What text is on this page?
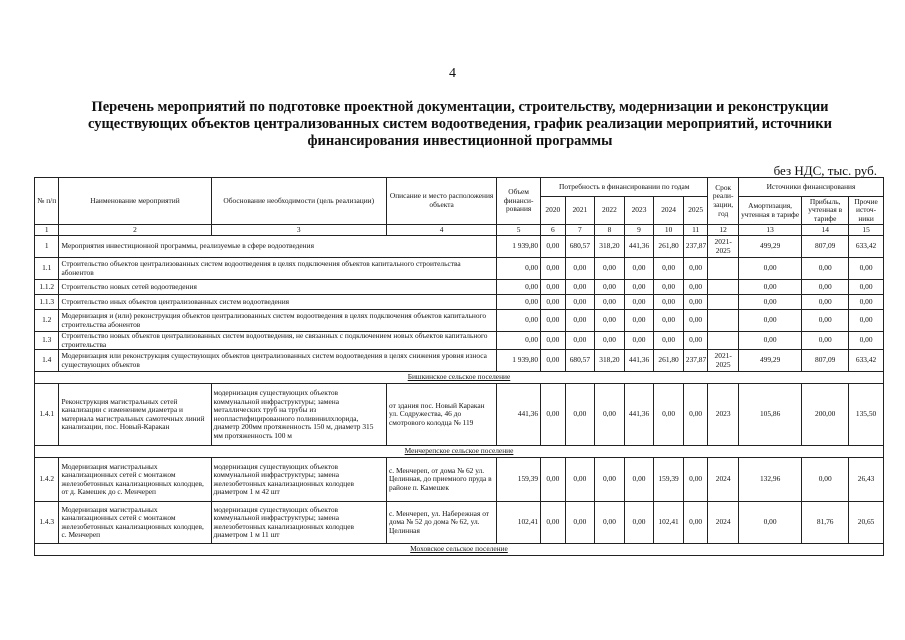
4
Перечень мероприятий по подготовке проектной документации, строительству, модернизации и реконструкции существующих объектов централизованных систем водоотведения, график реализации мероприятий, источники финансирования инвестиционной программы
без НДС, тыс. руб.
№ п/п	Наименование мероприятий	Обоснование необходимости (цель реализации)	Описание и место расположения объекта	Объем финанси-рования	Потребность в финансировании по годам						Срок реали-зации, год	Источники финансирования		
					2020	2021	2022	2023	2024	2025		Амортизация, учтенная в тарифе	Прибыль, учтенная в тарифе	Прочие источ-ники
1	2	3	4	5	6	7	8	9	10	11	12	13	14	15
1	Мероприятия инвестиционной программы, реализуемые в сфере водоотведения			1 939,80	0,00	680,57	318,20	441,36	261,80	237,87	2021-2025	499,29	807,09	633,42
1.1	Строительство объектов централизованных систем водоотведения в целях подключения объектов капитального строительства абонентов			0,00	0,00	0,00	0,00	0,00	0,00	0,00		0,00	0,00	0,00
1.1.2	Строительство новых сетей водоотведения			0,00	0,00	0,00	0,00	0,00	0,00	0,00		0,00	0,00	0,00
1.1.3	Строительство иных объектов централизованных систем водоотведения			0,00	0,00	0,00	0,00	0,00	0,00	0,00		0,00	0,00	0,00
1.2	Модернизация и (или) реконструкция объектов централизованных систем водоотведения в целях подключения объектов капитального строительства абонентов			0,00	0,00	0,00	0,00	0,00	0,00	0,00		0,00	0,00	0,00
1.3	Строительство новых объектов централизованных систем водоотведения, не связанных с подключением новых объектов капитального строительства			0,00	0,00	0,00	0,00	0,00	0,00	0,00		0,00	0,00	0,00
1.4	Модернизация или реконструкция существующих объектов централизованных систем водоотведения в целях снижения уровня износа существующих объектов			1 939,80	0,00	680,57	318,20	441,36	261,80	237,87	2021-2025	499,29	807,09	633,42
Бишкинское сельское поселение														
1.4.1	Реконструкция магистральных сетей канализации с изменением диаметра и материала магистральных самотечных линий канализации, пос. Новый-Каракан	модернизация существующих объектов коммунальной инфраструктуры; замена металлических труб на трубы из неопластифицированного поливинилхлорида, диаметр 200мм протяженность 150 м, диаметр 315 мм протяженность 100 м	от здания пос. Новый Каракан ул. Содружества, 46 до смотрового колодца № 119	441,36	0,00	0,00	0,00	441,36	0,00	0,00	2023	105,86	200,00	135,50
Менчерепское сельское поселение														
1.4.2	Модернизация магистральных канализационных сетей с монтажом железобетонных канализационных колодцев, от д. Камешек до с. Менчереп	модернизация существующих объектов коммунальной инфраструктуры; замена железобетонных канализационных колодцев диаметром 1 м 42 шт	с. Менчереп, от дома № 62 ул. Целинная, до приемного пруда в районе п. Камешек	159,39	0,00	0,00	0,00	0,00	159,39	0,00	2024	132,96	0,00	26,43
1.4.3	Модернизация магистральных канализационных сетей с монтажом железобетонных канализационных колодцев, с. Менчереп	модернизация существующих объектов коммунальной инфраструктуры; замена железобетонных канализационных колодцев диаметром 1 м 11 шт	с. Менчереп, ул. Набережная от дома № 52 до дома № 62, ул. Целинная	102,41	0,00	0,00	0,00	0,00	102,41	0,00	2024	0,00	81,76	20,65
Моховское сельское поселение														
